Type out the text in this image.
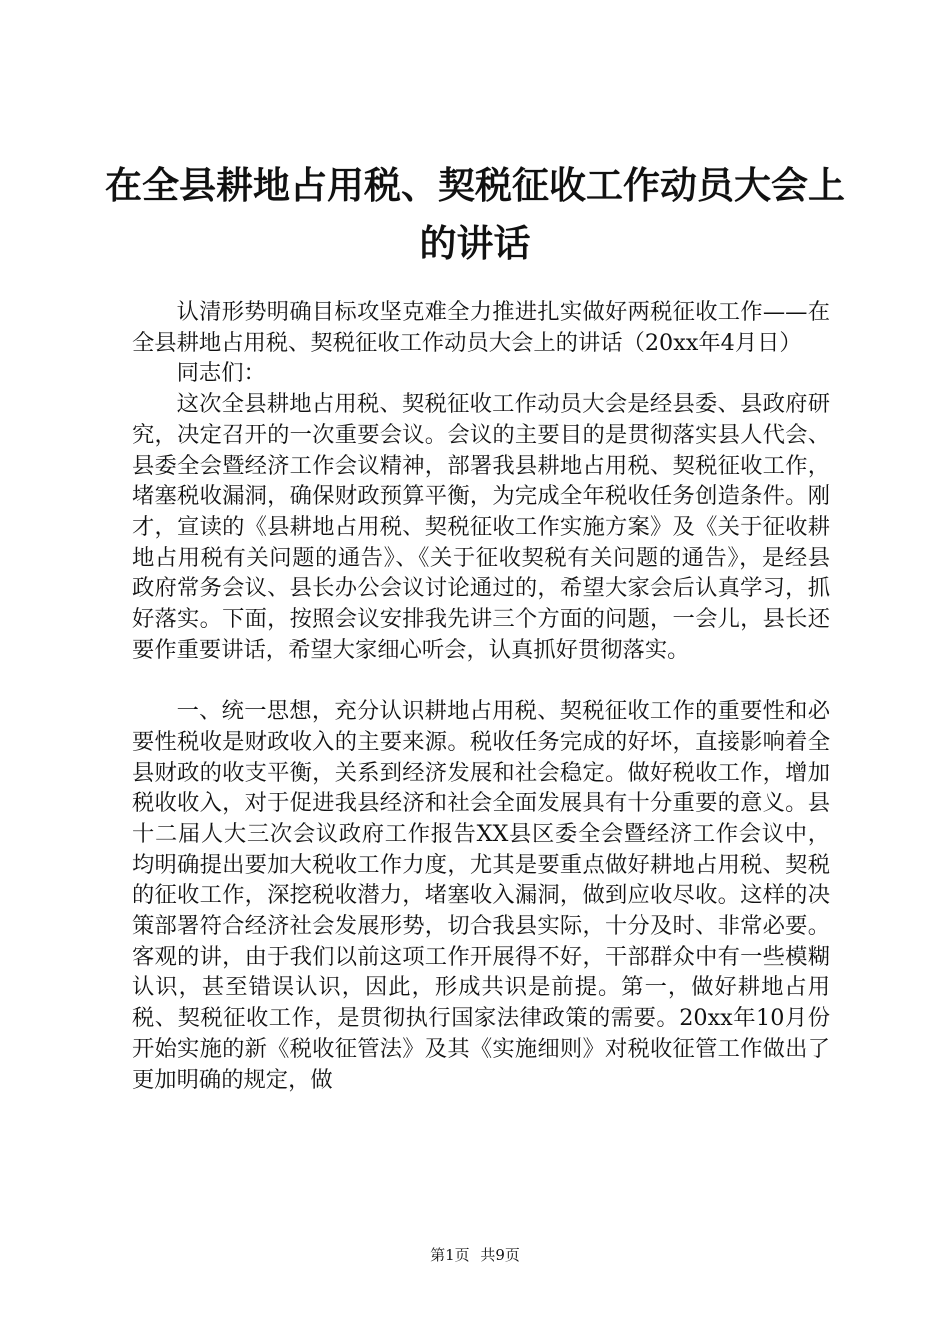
在全县耕地占用税、契税征收工作动员大会上
的讲话

认清形势明确目标攻坚克难全力推进扎实做好两税征收工作——在全县耕地占用税、契税征收工作动员大会上的讲话（20xx年4月日）

同志们：

这次全县耕地占用税、契税征收工作动员大会是经县委、县政府研究，决定召开的一次重要会议。会议的主要目的是贯彻落实县人代会、县委全会暨经济工作会议精神，部署我县耕地占用税、契税征收工作，堵塞税收漏洞，确保财政预算平衡，为完成全年税收任务创造条件。刚才，宣读的《县耕地占用税、契税征收工作实施方案》及《关于征收耕地占用税有关问题的通告》、《关于征收契税有关问题的通告》，是经县政府常务会议、县长办公会议讨论通过的，希望大家会后认真学习，抓好落实。下面，按照会议安排我先讲三个方面的问题，一会儿，县长还要作重要讲话，希望大家细心听会，认真抓好贯彻落实。

一、统一思想，充分认识耕地占用税、契税征收工作的重要性和必要性税收是财政收入的主要来源。税收任务完成的好坏，直接影响着全县财政的收支平衡，关系到经济发展和社会稳定。做好税收工作，增加税收收入，对于促进我县经济和社会全面发展具有十分重要的意义。县十二届人大三次会议政府工作报告XX县区委全会暨经济工作会议中，均明确提出要加大税收工作力度，尤其是要重点做好耕地占用税、契税的征收工作，深挖税收潜力，堵塞收入漏洞，做到应收尽收。这样的决策部署符合经济社会发展形势，切合我县实际，十分及时、非常必要。客观的讲，由于我们以前这项工作开展得不好，干部群众中有一些模糊认识，甚至错误认识，因此，形成共识是前提。第一，做好耕地占用税、契税征收工作，是贯彻执行国家法律政策的需要。20xx年10月份开始实施的新《税收征管法》及其《实施细则》对税收征管工作做出了更加明确的规定，做

第1页 共9页
